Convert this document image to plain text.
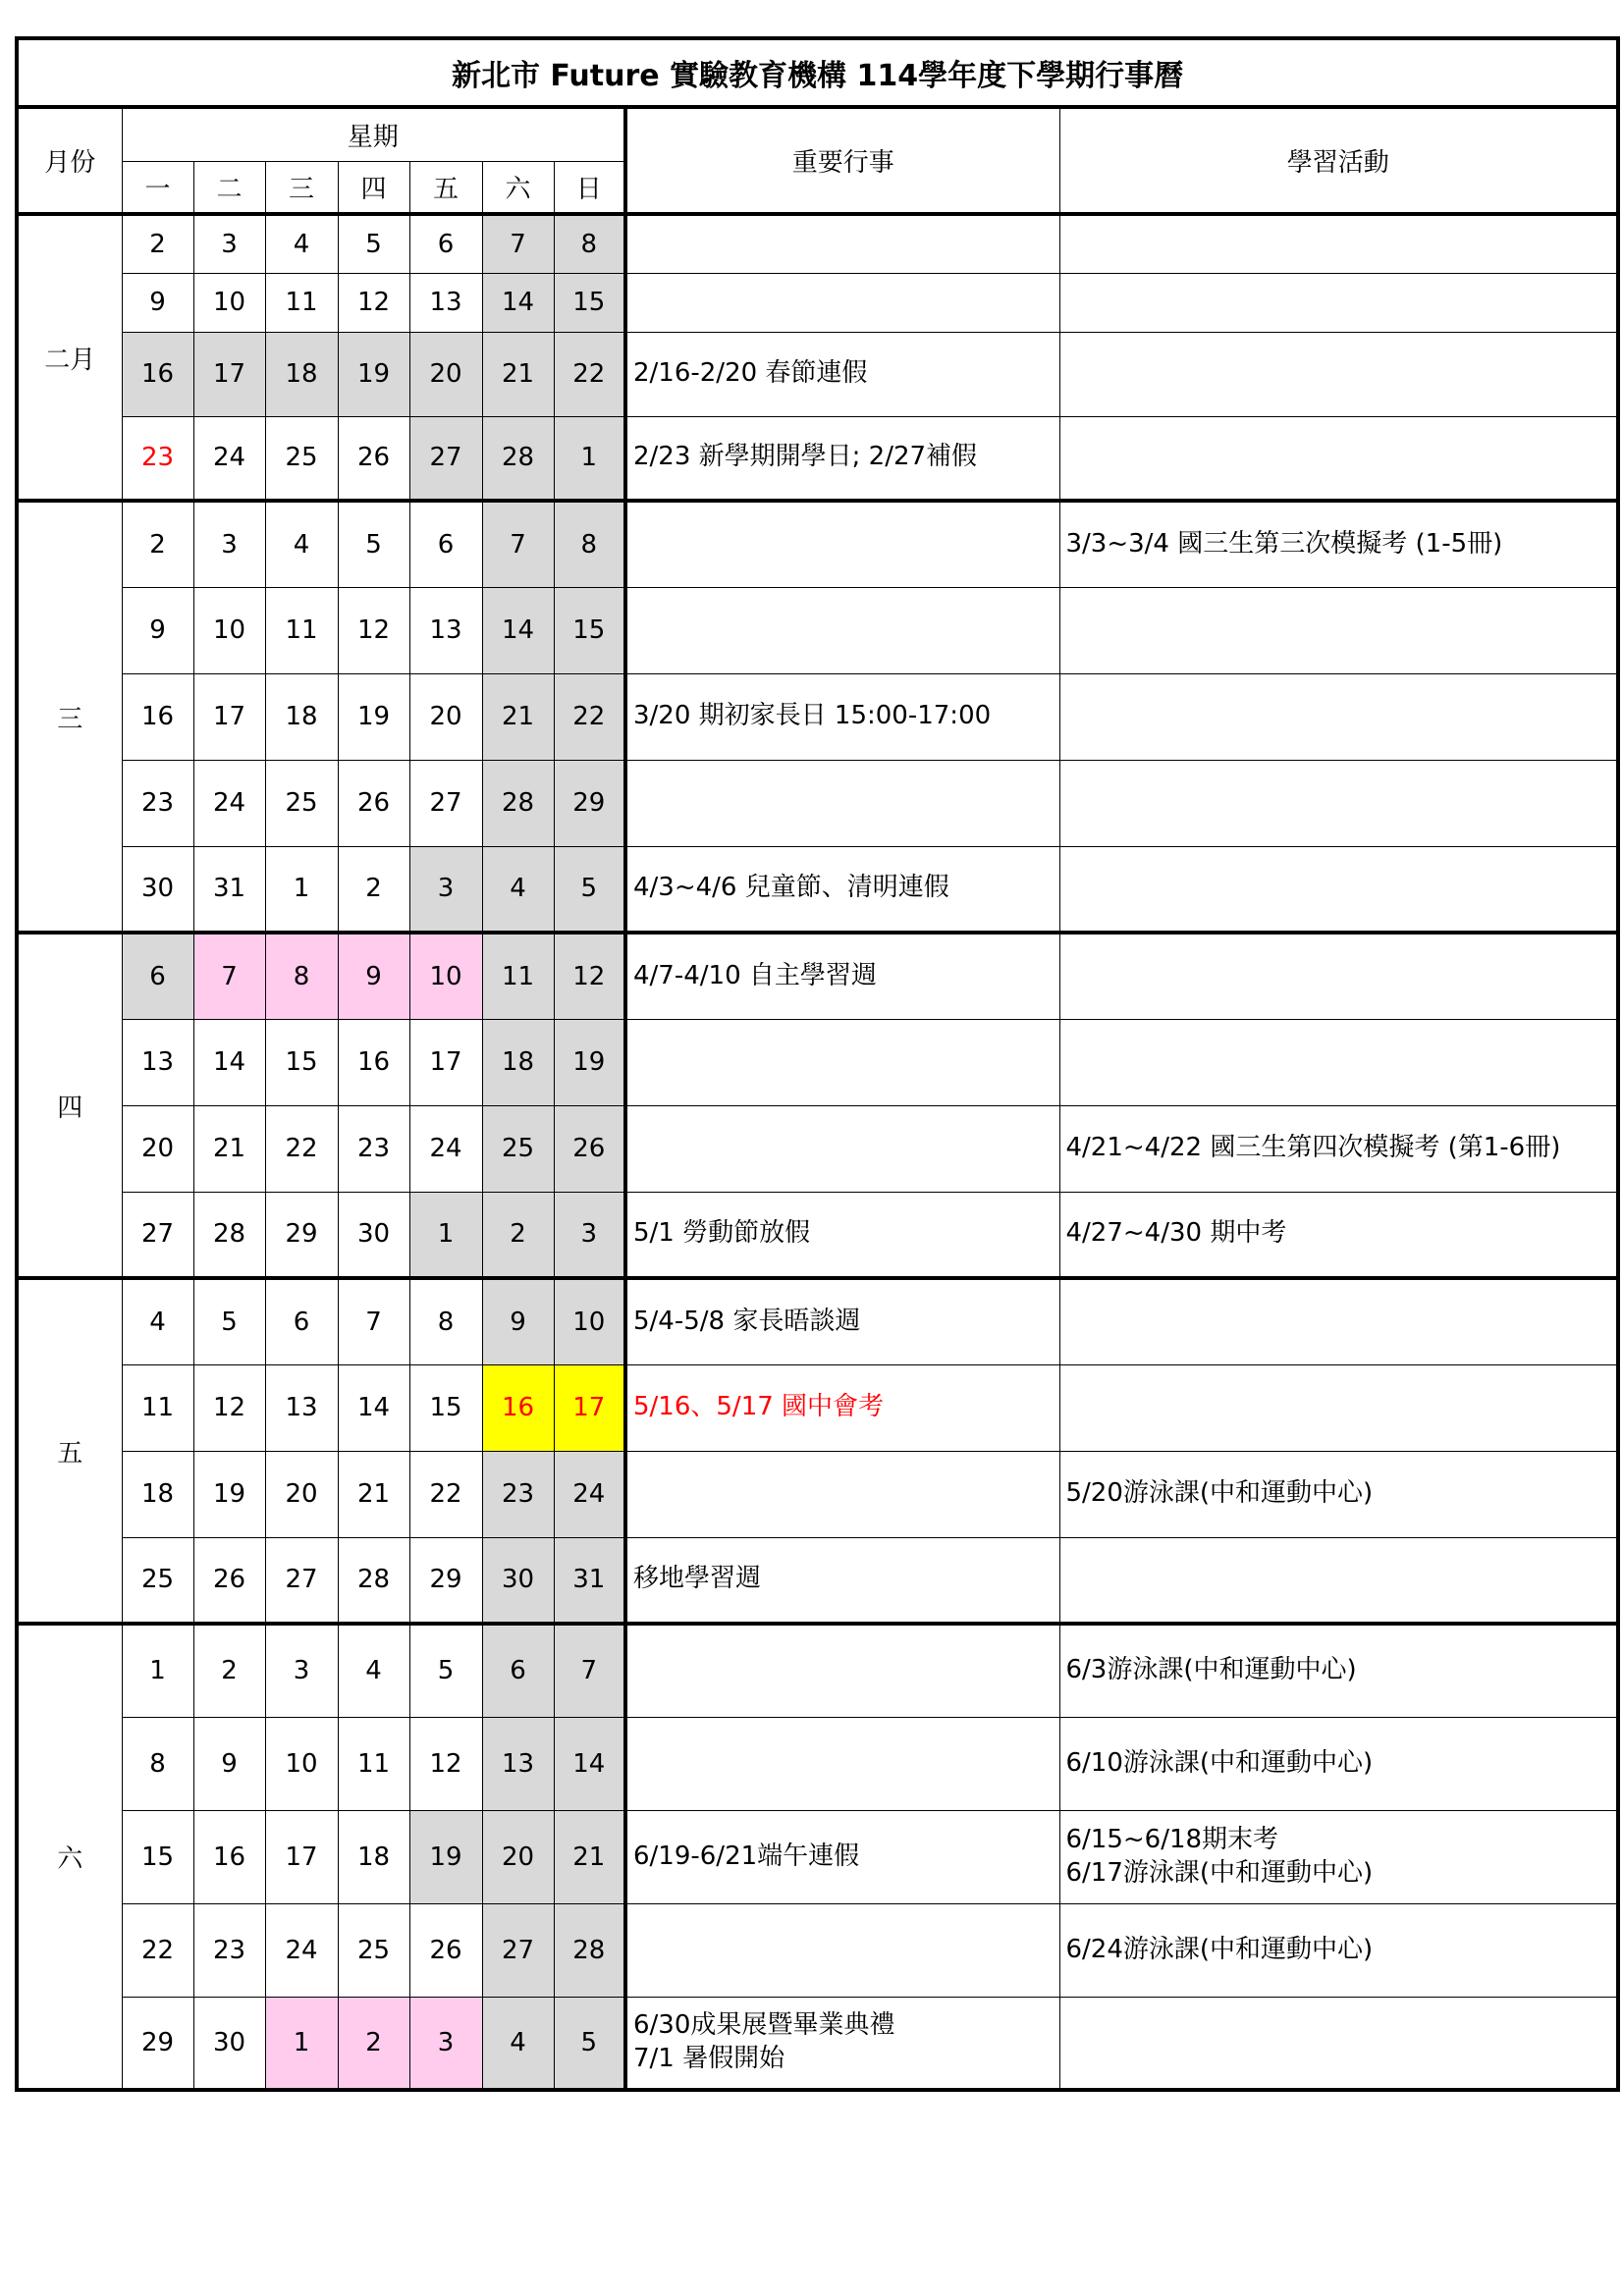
新北市 Future 實驗教育機構 114學年度下學期行事曆									
月份	星期							重要行事	學習活動
	一	二	三	四	五	六	日		
二月	2	3	4	5	6	7	8		
	9	10	11	12	13	14	15		
	16	17	18	19	20	21	22	2/16-2/20 春節連假	
	23	24	25	26	27	28	1	2/23 新學期開學日; 2/27補假	
三	2	3	4	5	6	7	8		3/3~3/4 國三生第三次模擬考 (1-5冊)
	9	10	11	12	13	14	15		
	16	17	18	19	20	21	22	3/20 期初家長日 15:00-17:00	
	23	24	25	26	27	28	29		
	30	31	1	2	3	4	5	4/3~4/6 兒童節、清明連假	
四	6	7	8	9	10	11	12	4/7-4/10 自主學習週	
	13	14	15	16	17	18	19		
	20	21	22	23	24	25	26		4/21~4/22 國三生第四次模擬考 (第1-6冊)
	27	28	29	30	1	2	3	5/1 勞動節放假	4/27~4/30 期中考
五	4	5	6	7	8	9	10	5/4-5/8 家長晤談週	
	11	12	13	14	15	16	17	5/16、5/17 國中會考	
	18	19	20	21	22	23	24		5/20游泳課(中和運動中心)
	25	26	27	28	29	30	31	移地學習週	
六	1	2	3	4	5	6	7		6/3游泳課(中和運動中心)
	8	9	10	11	12	13	14		6/10游泳課(中和運動中心)
	15	16	17	18	19	20	21	6/19-6/21端午連假	6/15~6/18期末考
6/17游泳課(中和運動中心)
	22	23	24	25	26	27	28		6/24游泳課(中和運動中心)
	29	30	1	2	3	4	5	6/30成果展暨畢業典禮
7/1 暑假開始	
